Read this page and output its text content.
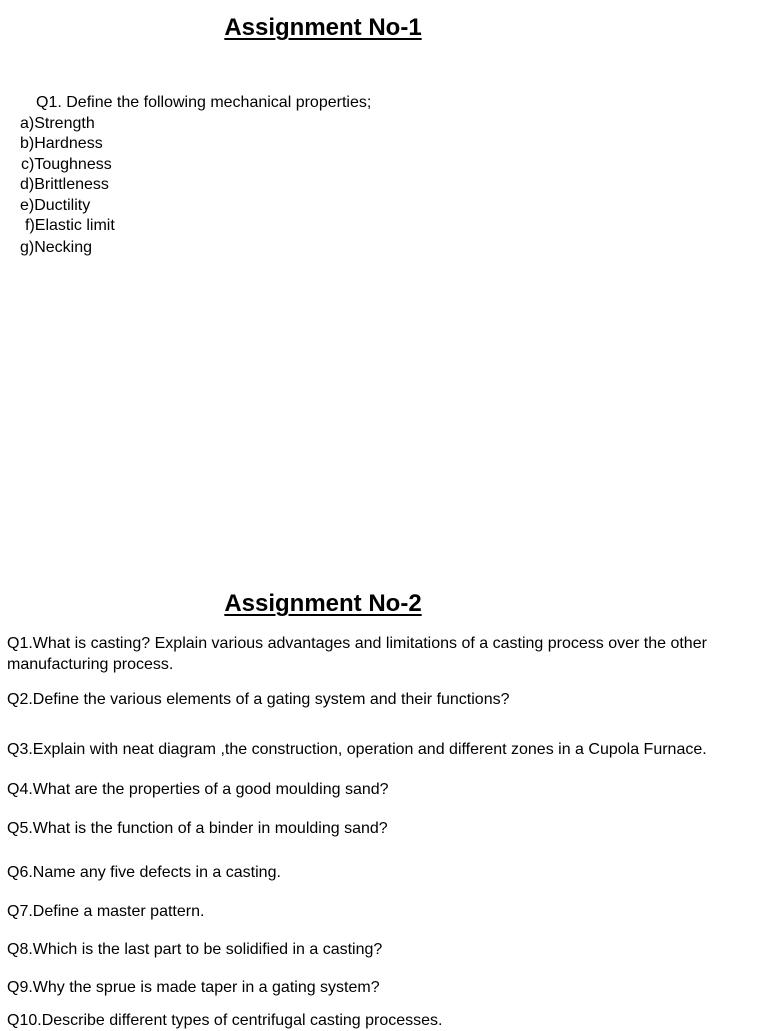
Assignment No-1
Q1. Define the following mechanical properties;
a)Strength
b)Hardness
c)Toughness
d)Brittleness
e)Ductility
f)Elastic limit
g)Necking
Assignment No-2
Q1.What is casting? Explain various advantages and limitations of a casting process over the other
manufacturing process.
Q2.Define the various elements of a gating system and their functions?
Q3.Explain with neat diagram ,the construction, operation and different zones in a Cupola Furnace.
Q4.What are the properties of a good moulding sand?
Q5.What is the function of a binder in moulding sand?
Q6.Name any five defects in a casting.
Q7.Define a master pattern.
Q8.Which is the last part to be solidified in a casting?
Q9.Why the sprue is made taper in a gating system?
Q10.Describe different types of centrifugal casting processes.
